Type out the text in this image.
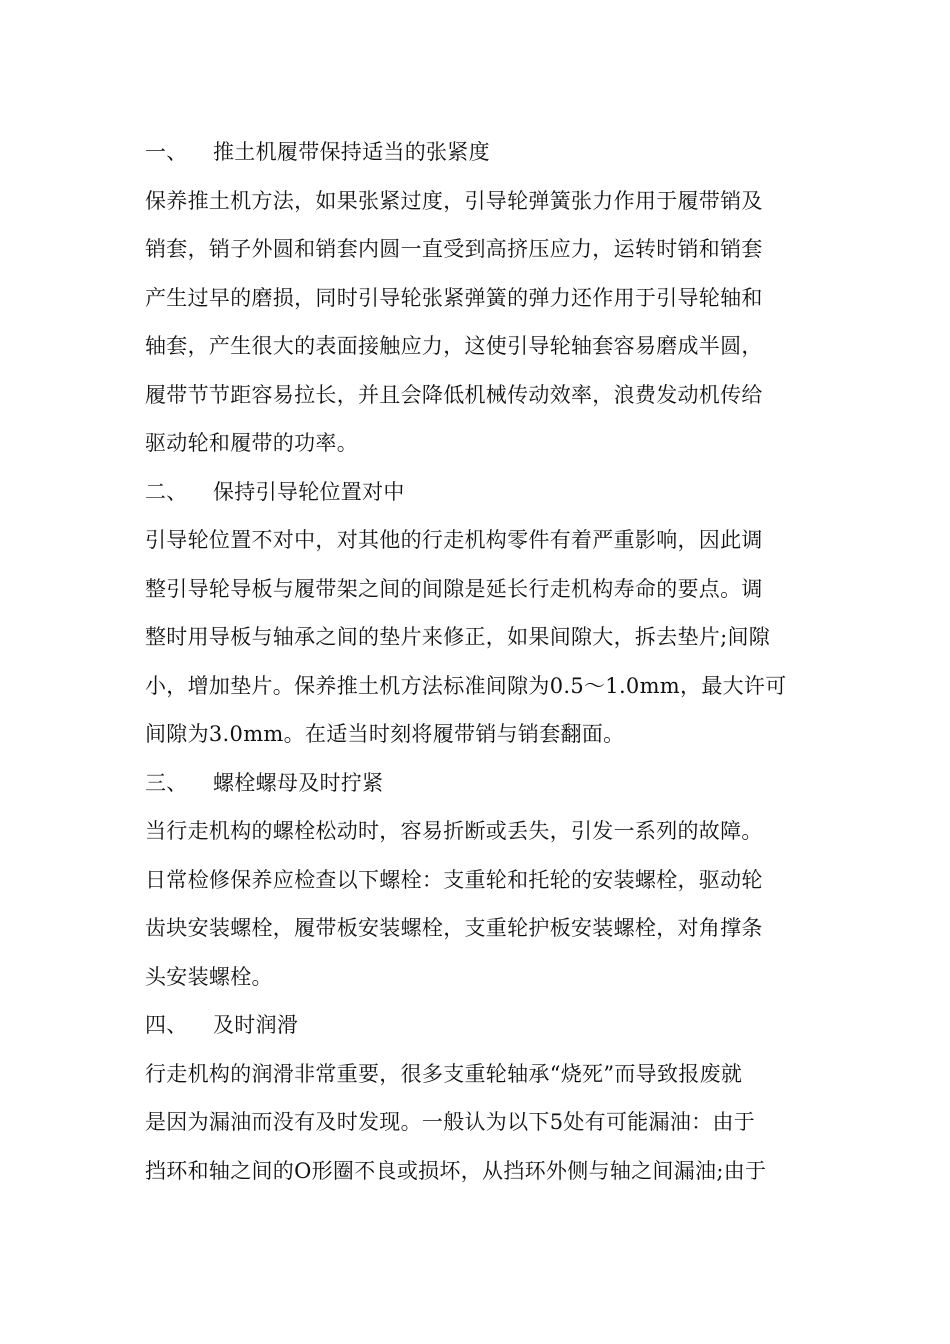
一、	推土机履带保持适当的张紧度
保养推土机方法，如果张紧过度，引导轮弹簧张力作用于履带销及
销套，销子外圆和销套内圆一直受到高挤压应力，运转时销和销套
产生过早的磨损，同时引导轮张紧弹簧的弹力还作用于引导轮轴和
轴套，产生很大的表面接触应力，这使引导轮轴套容易磨成半圆，
履带节节距容易拉长，并且会降低机械传动效率，浪费发动机传给
驱动轮和履带的功率。
二、	保持引导轮位置对中
引导轮位置不对中，对其他的行走机构零件有着严重影响，因此调
整引导轮导板与履带架之间的间隙是延长行走机构寿命的要点。调
整时用导板与轴承之间的垫片来修正，如果间隙大，拆去垫片;间隙
小，增加垫片。保养推土机方法标准间隙为0.5～1.0mm，最大许可
间隙为3.0mm。在适当时刻将履带销与销套翻面。
三、	螺栓螺母及时拧紧
当行走机构的螺栓松动时，容易折断或丢失，引发一系列的故障。
日常检修保养应检查以下螺栓：支重轮和托轮的安装螺栓，驱动轮
齿块安装螺栓，履带板安装螺栓，支重轮护板安装螺栓，对角撑条
头安装螺栓。
四、	及时润滑
行走机构的润滑非常重要，很多支重轮轴承“烧死”而导致报废就
是因为漏油而没有及时发现。一般认为以下5处有可能漏油：由于
挡环和轴之间的O形圈不良或损坏，从挡环外侧与轴之间漏油;由于
